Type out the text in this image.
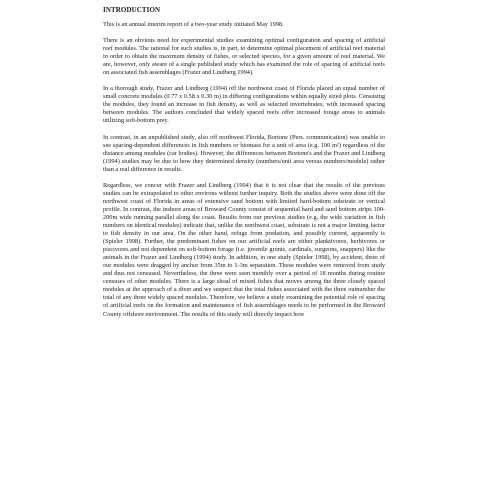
INTRODUCTION

This is an annual interim report of a two-year study initiated May 1998.

There is an obvious need for experimental studies examining optimal configuration and spacing of artificial reef modules. The rational for such studies is, in part, to determine optimal placement of artificial reef material in order to obtain the maximum density of fishes, or selected species, for a given amount of reef material. We are, however, only aware of a single published study which has examined the role of spacing of artificial reefs on associated fish assemblages (Frazer and Lindberg 1994).

In a thorough study, Frazer and Lindberg (1994) off the northwest coast of Florida placed an equal number of small concrete modules (0.77 x 0.58 x 0.30 m) in differing configurations within equally sized plots. Censusing the modules, they found an increase in fish density, as well as selected invertebrates, with increased spacing between modules. The authors concluded that widely spaced reefs offer increased forage areas to animals utilizing soft-bottom prey.

In contrast, in an unpublished study, also off northwest Florida, Bortone (Pers. communication) was unable to see spacing-dependent differences in fish numbers or biomass for a unit of area (e.g. 100 m²) regardless of the distance among modules (car bodies). However, the differences between Bortone's and the Frazer and Lindberg (1994) studies may be due to how they determined density (numbers/unit area versus numbers/module) rather than a real difference in results.

Regardless, we concur with Frazer and Lindberg (1994) that it is not clear that the results of the previous studies can be extrapolated to other environs without further inquiry. Both the studies above were done off the northwest coast of Florida in areas of extensive sand bottom with limited hard-bottom substrate or vertical profile. In contrast, the inshore areas of Broward County consist of sequential hard and sand bottom strips 100-200m wide running parallel along the coast. Results from our previous studies (e.g. the wide variation in fish numbers on identical modules) indicate that, unlike the northwest coast, substrate is not a major limiting factor to fish density in our area. On the other hand, refuge from predation, and possibly current, apparently is (Spieler 1998). Further, the predominant fishes on our artificial reefs are either planktivores, herbivores or piscivores and not dependent on soft-bottom forage (i.e. juvenile grunts, cardinals, surgeons, snappers) like the animals in the Frazer and Lindberg (1994) study. In addition, in one study (Spieler 1998), by accident, three of our modules were dragged by anchor from 35m to 1-3m separation. These modules were removed from study and thus not censused. Nevertheless, the three were seen monthly over a period of 18 months during routine censuses of other modules. There is a large shoal of mixed fishes that moves among the three closely spaced modules at the approach of a diver and we suspect that the total fishes associated with the three outnumber the total of any three widely spaced modules. Therefore, we believe a study examining the potential role of spacing of artificial reefs on the formation and maintenance of fish assemblages needs to be performed in the Broward County offshore environment. The results of this study will directly impact how
